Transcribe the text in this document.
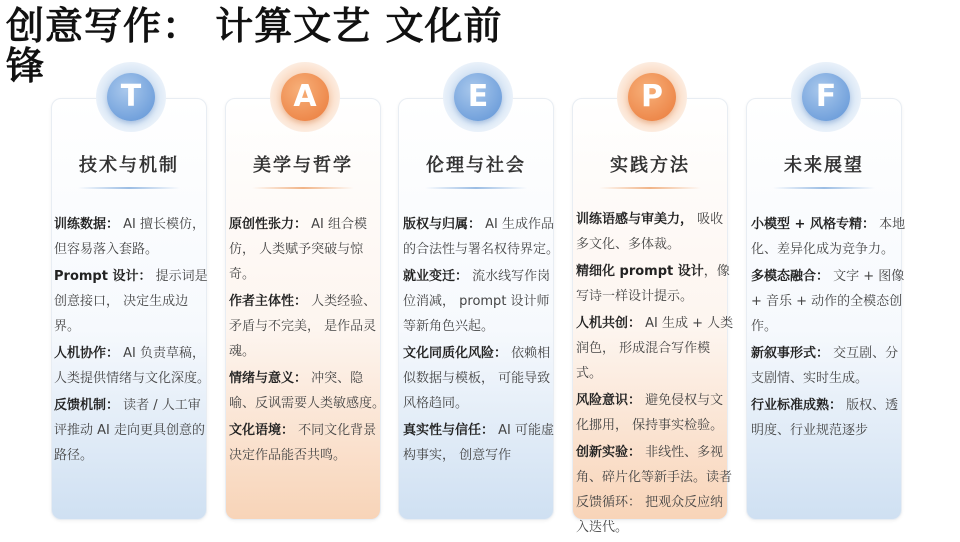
创意写作： 计算文艺 文化前锋
技术与机制	美学与哲学	伦理与社会	实践方法	未来展望
T	A	E	P	F
训练数据： AI 擅长模仿，但容易落入套路。
Prompt 设计： 提示词是创意接口， 决定生成边界。
人机协作： AI 负责草稿，人类提供情绪与文化深度。
反馈机制： 读者 / 人工审评推动 AI 走向更具创意的路径。
原创性张力： AI 组合模仿， 人类赋予突破与惊奇。
作者主体性： 人类经验、矛盾与不完美， 是作品灵魂。
情绪与意义： 冲突、隐喻、反讽需要人类敏感度。
文化语境： 不同文化背景决定作品能否共鸣。
版权与归属： AI 生成作品的合法性与署名权待界定。
就业变迁： 流水线写作岗位消减， prompt 设计师等新角色兴起。
文化同质化风险： 依赖相似数据与模板， 可能导致风格趋同。
真实性与信任： AI 可能虚构事实， 创意写作
训练语感与审美力， 吸收多文化、多体裁。
精细化 prompt 设计，像写诗一样设计提示。
人机共创： AI 生成 + 人类润色， 形成混合写作模式。
风险意识： 避免侵权与文化挪用， 保持事实检验。
创新实验： 非线性、多视角、碎片化等新手法。读者反馈循环： 把观众反应纳入迭代。
小模型 + 风格专精： 本地化、差异化成为竞争力。
多模态融合： 文字 + 图像 + 音乐 + 动作的全模态创作。
新叙事形式： 交互剧、分支剧情、实时生成。
行业标准成熟： 版权、透明度、行业规范逐步
